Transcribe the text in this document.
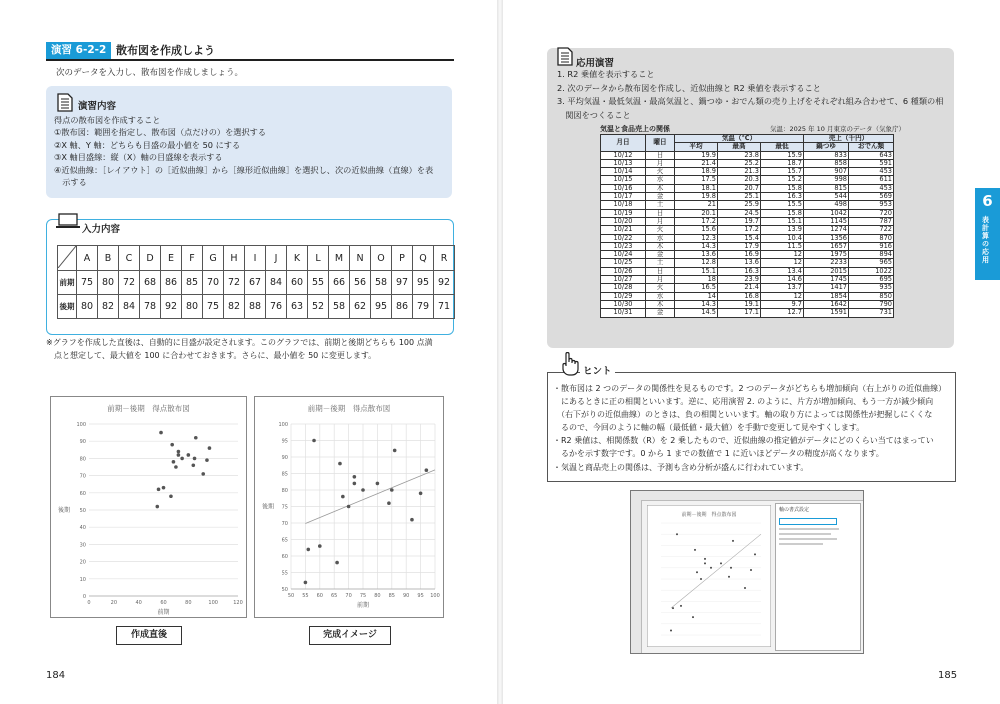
演習 6-2-2 散布図を作成しよう
次のデータを入力し、散布図を作成しましょう。
演習内容
得点の散布図を作成すること
①散布図：範囲を指定し、散布図（点だけの）を選択する
②X 軸、Y 軸：どちらも目盛の最小値を 50 にする
③X 軸目盛線：縦（X）軸の目盛線を表示する
④近似曲線：［レイアウト］の［近似曲線］から［線形近似曲線］を選択し、次の近似曲線（直線）を表
　示する
入力内容
	A	B	C	D	E	F	G	H	I	J	K	L	M	N	O	P	Q	R
前期	75	80	72	68	86	85	70	72	67	84	60	55	66	56	58	97	95	92
後期	80	82	84	78	92	80	75	82	88	76	63	52	58	62	95	86	79	71
※グラフを作成した直後は、自動的に目盛が設定されます。このグラフでは、前期と後期どちらも 100 点満
　点と想定して、最大値を 100 に合わせておきます。さらに、最小値を 50 に変更します。
前期－後期　得点散布図
0
10
20
30
40
50
60
70
80
90
100
0	20	40	60	80	100	120
前期
後期
前期－後期　得点散布図
50
55
60
65
70
75
80
85
90
95
100
50 55 60 65 70 75 80 85 90 95 100
前期
後期
作成直後	完成イメージ
184
応用演習
1. R2 乗値を表示すること
2. 次のデータから散布図を作成し、近似曲線と R2 乗値を表示すること
3. 平均気温・最低気温・最高気温と、鍋つゆ・おでん類の売り上げをそれぞれ組み合わせて、6 種類の相
　関図をつくること
気温と食品売上の関係	気温：2025 年 10 月東京のデータ（気象庁）
月日	曜日	気温（℃）			売上（千円）	
		平均	最高	最低	鍋つゆ	おでん類
10/12	日	19.9	23.8	15.9	833	643
10/13	月	21.4	25.2	18.7	858	591
10/14	火	18.9	21.3	15.7	907	453
10/15	水	17.5	20.3	15.2	998	611
10/16	木	18.1	20.7	15.8	815	453
10/17	金	19.8	25.1	16.3	544	569
10/18	土	21	25.9	15.5	498	953
10/19	日	20.1	24.5	15.8	1042	720
10/20	月	17.2	19.7	15.1	1145	787
10/21	火	15.6	17.2	13.9	1274	722
10/22	水	12.3	15.4	10.4	1356	870
10/23	木	14.3	17.9	11.5	1657	916
10/24	金	13.6	16.9	12	1975	894
10/25	土	12.8	13.6	12	2233	965
10/26	日	15.1	16.3	13.4	2015	1022
10/27	月	18	23.9	14.6	1745	695
10/28	火	16.5	21.4	13.7	1417	935
10/29	水	14	16.8	12	1854	850
10/30	木	14.3	19.1	9.7	1642	790
10/31	金	14.5	17.1	12.7	1591	731
ヒント
・散布図は 2 つのデータの関係性を見るものです。2 つのデータがどちらも増加傾向（右上がりの近似曲線）
　にあるときに正の相関といいます。逆に、応用演習 2. のように、片方が増加傾向、もう一方が減少傾向
　（右下がりの近似曲線）のときは、負の相関といいます。軸の取り方によっては関係性が把握しにくくな
　るので、今回のように軸の幅（最低値・最大値）を手動で変更して見やすくします。
・R2 乗値は、相関係数（R）を 2 乗したもので、近似曲線の推定値がデータにどのくらい当てはまってい
　るかを示す数字です。0 から 1 までの数値で 1 に近いほどデータの精度が高くなります。
・気温と商品売上の関係は、予測も含め分析が盛んに行われています。
6
表計算の応用
前期－後期　得点散布図
軸の書式設定
185
